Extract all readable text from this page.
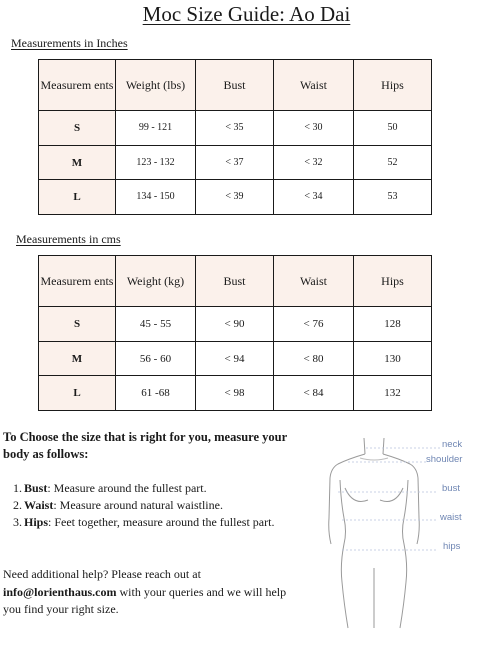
Moc Size Guide: Ao Dai
Measurements in Inches
Measurem ents	Weight (lbs)	Bust	Waist	Hips
S	99 - 121	< 35	< 30	50
M	123 - 132	< 37	< 32	52
L	134 - 150	< 39	< 34	53
Measurements in cms
Measurem ents	Weight (kg)	Bust	Waist	Hips
S	45 - 55	< 90	< 76	128
M	56 - 60	< 94	< 80	130
L	61 -68	< 98	< 84	132
To Choose the size that is right for you, measure your body as follows:
1. Bust: Measure around the fullest part.
2. Waist: Measure around natural waistline.
3. Hips: Feet together, measure around the fullest part.
Need additional help? Please reach out at
info@lorienthaus.com with your queries and we will help you find your right size.
neck
shoulder
bust
waist
hips
